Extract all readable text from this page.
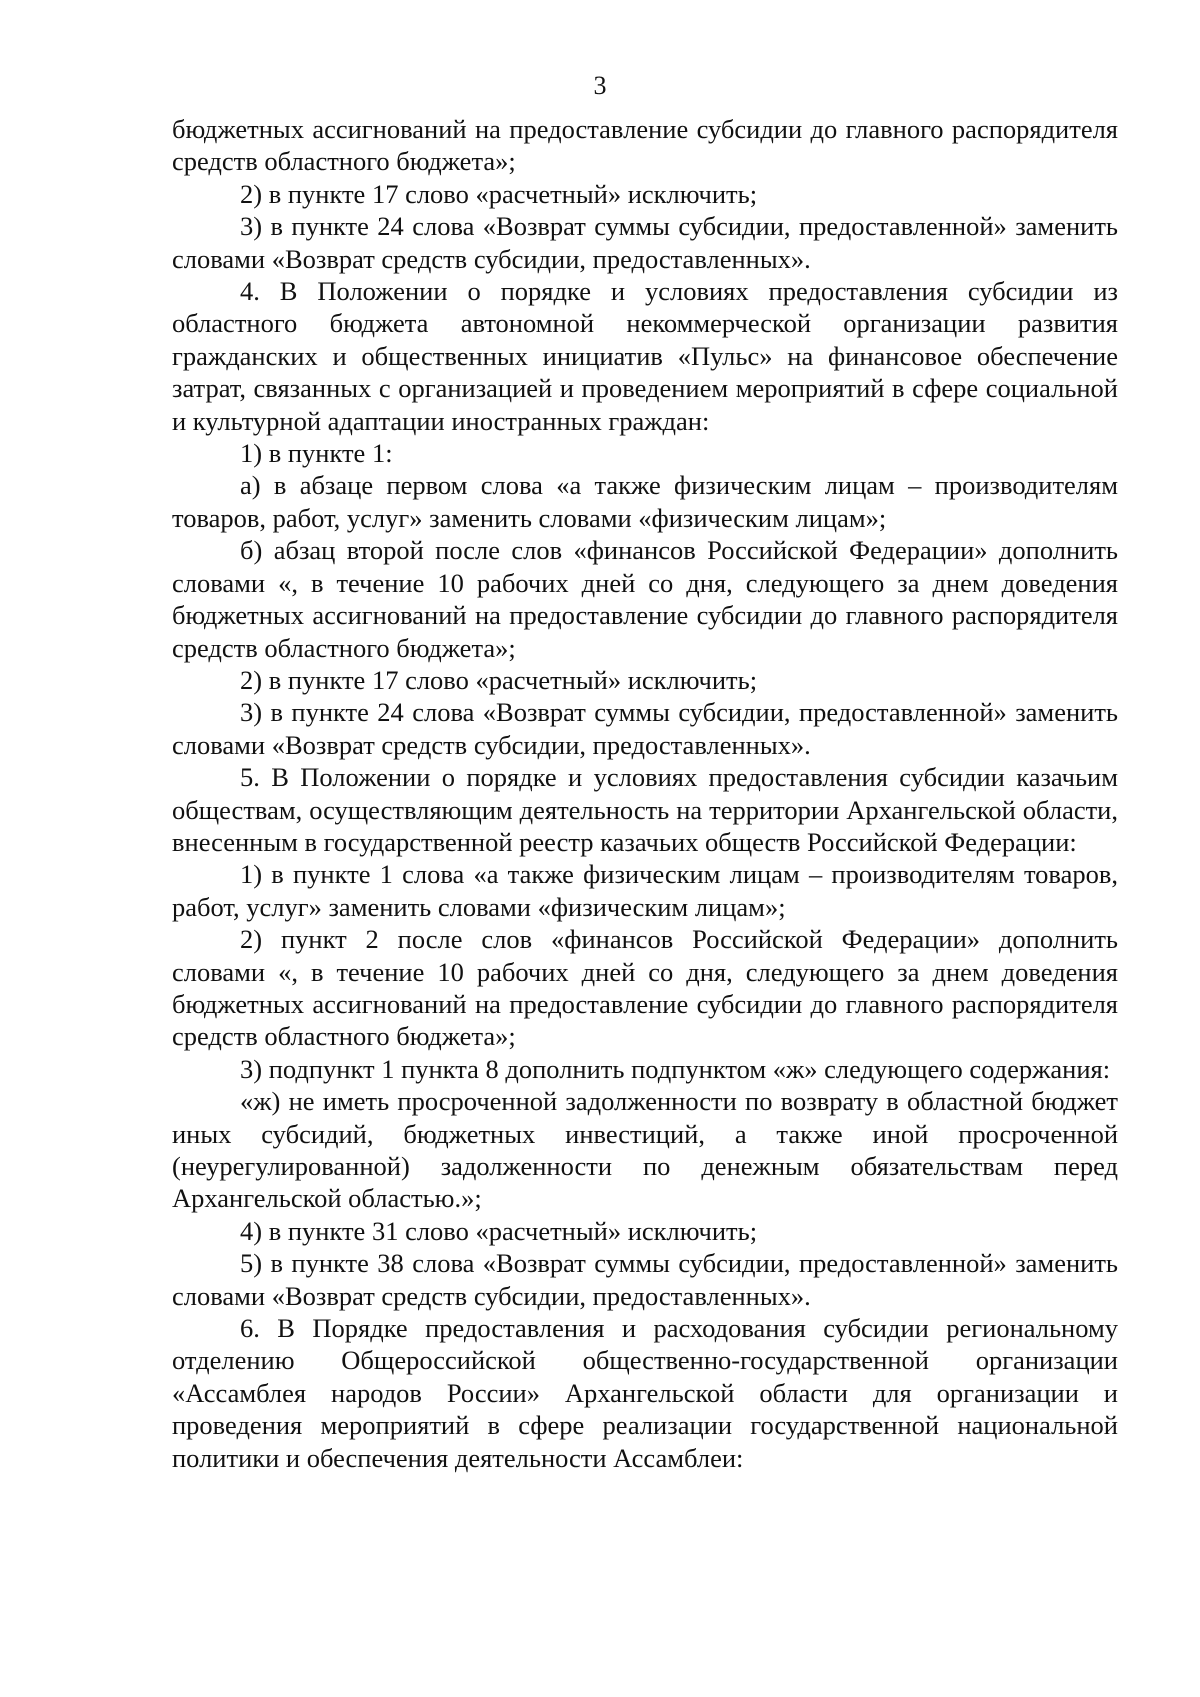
3

бюджетных ассигнований на предоставление субсидии до главного распорядителя средств областного бюджета»;

2) в пункте 17 слово «расчетный» исключить;

3) в пункте 24 слова «Возврат суммы субсидии, предоставленной» заменить словами «Возврат средств субсидии, предоставленных».

4. В Положении о порядке и условиях предоставления субсидии из областного бюджета автономной некоммерческой организации развития гражданских и общественных инициатив «Пульс» на финансовое обеспечение затрат, связанных с организацией и проведением мероприятий в сфере социальной и культурной адаптации иностранных граждан:

1) в пункте 1:

а) в абзаце первом слова «а также физическим лицам – производителям товаров, работ, услуг» заменить словами «физическим лицам»;

б) абзац второй после слов «финансов Российской Федерации» дополнить словами «, в течение 10 рабочих дней со дня, следующего за днем доведения бюджетных ассигнований на предоставление субсидии до главного распорядителя средств областного бюджета»;

2) в пункте 17 слово «расчетный» исключить;

3) в пункте 24 слова «Возврат суммы субсидии, предоставленной» заменить словами «Возврат средств субсидии, предоставленных».

5. В Положении о порядке и условиях предоставления субсидии казачьим обществам, осуществляющим деятельность на территории Архангельской области, внесенным в государственной реестр казачьих обществ Российской Федерации:

1) в пункте 1 слова «а также физическим лицам – производителям товаров, работ, услуг» заменить словами «физическим лицам»;

2) пункт 2 после слов «финансов Российской Федерации» дополнить словами «, в течение 10 рабочих дней со дня, следующего за днем доведения бюджетных ассигнований на предоставление субсидии до главного распорядителя средств областного бюджета»;

3) подпункт 1 пункта 8 дополнить подпунктом «ж» следующего содержания:

«ж) не иметь просроченной задолженности по возврату в областной бюджет иных субсидий, бюджетных инвестиций, а также иной просроченной (неурегулированной) задолженности по денежным обязательствам перед Архангельской областью.»;

4) в пункте 31 слово «расчетный» исключить;

5) в пункте 38 слова «Возврат суммы субсидии, предоставленной» заменить словами «Возврат средств субсидии, предоставленных».

6. В Порядке предоставления и расходования субсидии региональному отделению Общероссийской общественно-государственной организации «Ассамблея народов России» Архангельской области для организации и проведения мероприятий в сфере реализации государственной национальной политики и обеспечения деятельности Ассамблеи:
